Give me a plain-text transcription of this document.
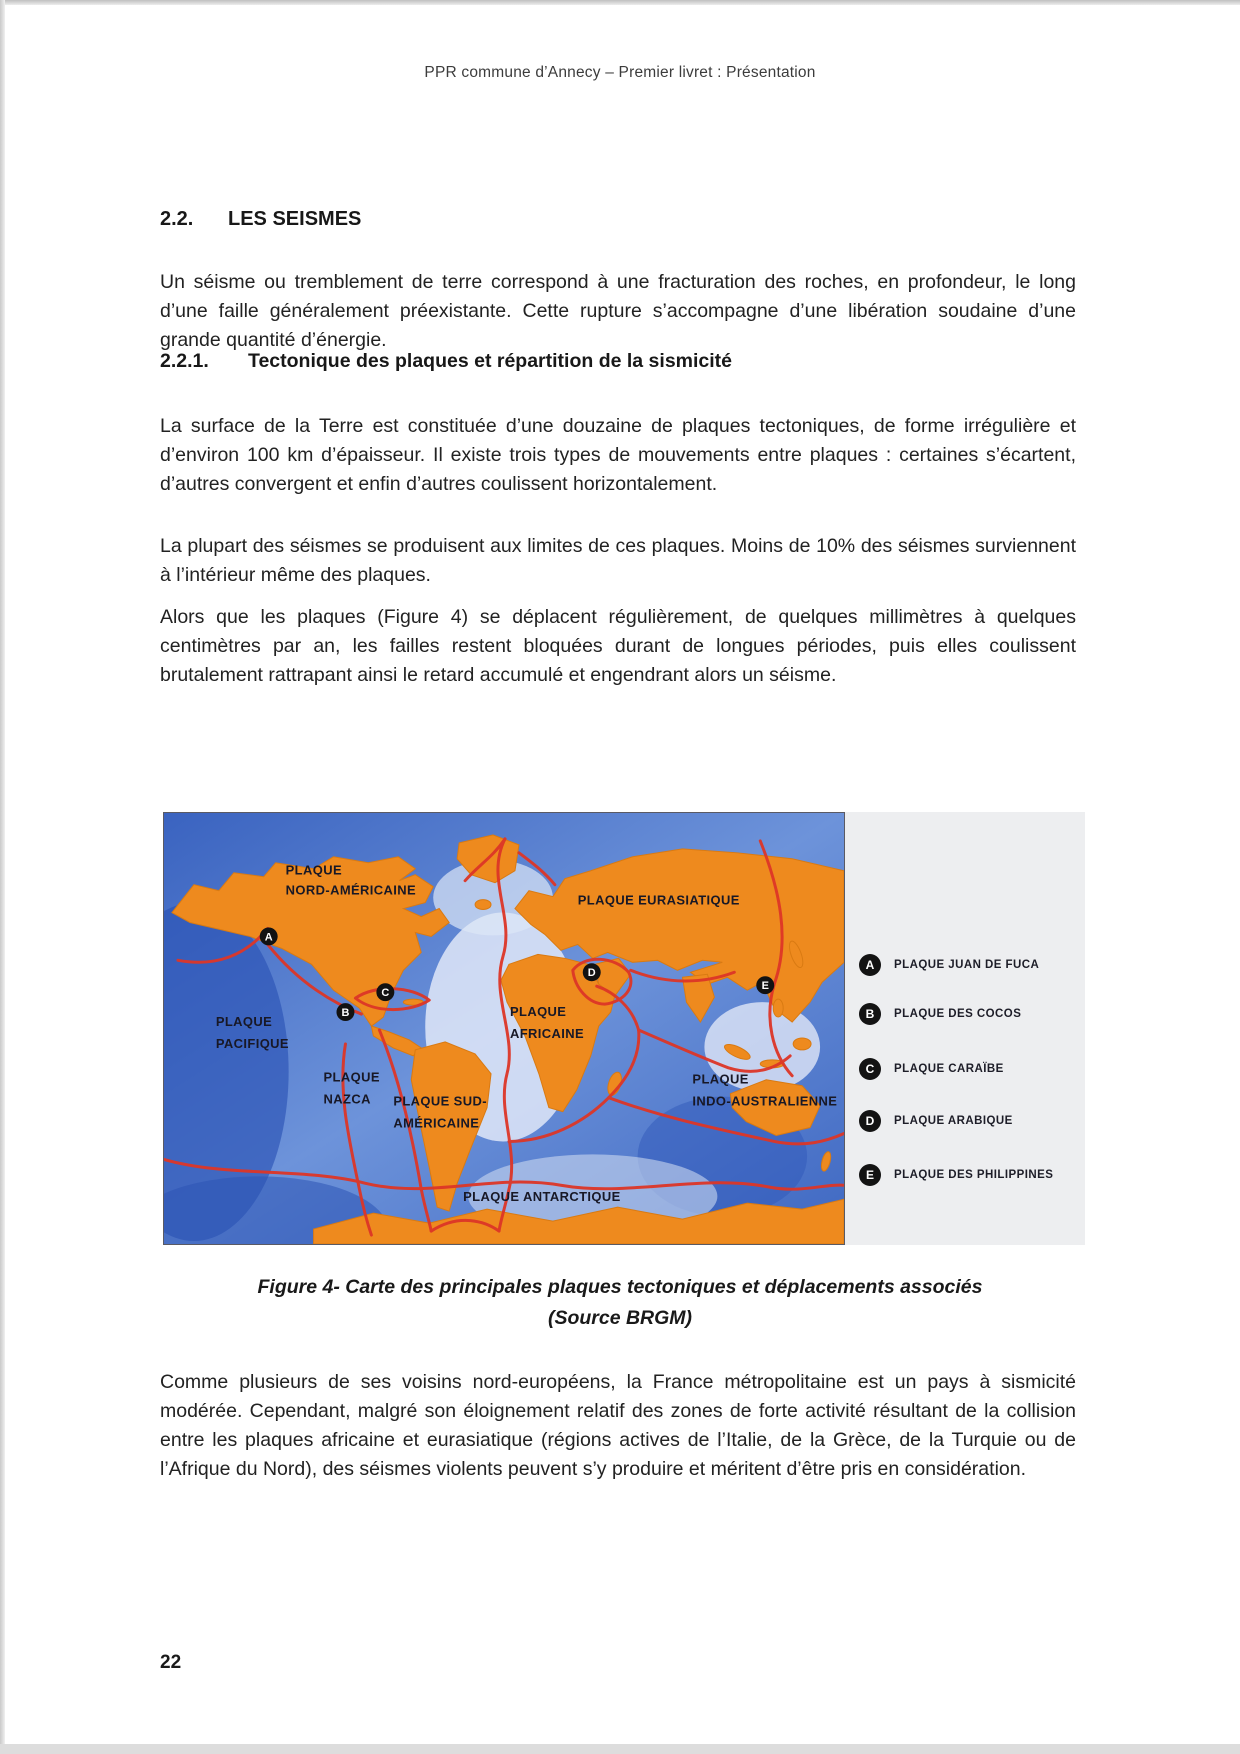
PPR commune d’Annecy – Premier livret : Présentation
2.2. LES SEISMES

Un séisme ou tremblement de terre correspond à une fracturation des roches, en profondeur, le long d’une faille généralement préexistante. Cette rupture s’accompagne d’une libération soudaine d’une grande quantité d’énergie.

2.2.1. Tectonique des plaques et répartition de la sismicité

La surface de la Terre est constituée d’une douzaine de plaques tectoniques, de forme irrégulière et d’environ 100 km d’épaisseur. Il existe trois types de mouvements entre plaques : certaines s’écartent, d’autres convergent et enfin d’autres coulissent horizontalement.

La plupart des séismes se produisent aux limites de ces plaques. Moins de 10% des séismes surviennent à l’intérieur même des plaques.

Alors que les plaques (Figure 4) se déplacent régulièrement, de quelques millimètres à quelques centimètres par an, les failles restent bloquées durant de longues périodes, puis elles coulissent brutalement rattrapant ainsi le retard accumulé et engendrant alors un séisme.

PLAQUE
NORD-AMÉRICAINE
PLAQUE EURASIATIQUE
PLAQUE
PACIFIQUE
PLAQUE
AFRICAINE
PLAQUE
NAZCA PLAQUE SUD-
AMÉRICAINE
PLAQUE
INDO-AUSTRALIENNE
PLAQUE ANTARCTIQUE
A
B
C
D
E
A	PLAQUE JUAN DE FUCA
B	PLAQUE DES COCOS
C	PLAQUE CARAÏBE
D	PLAQUE ARABIQUE
E	PLAQUE DES PHILIPPINES
Figure 4- Carte des principales plaques tectoniques et déplacements associés
(Source BRGM)

Comme plusieurs de ses voisins nord-européens, la France métropolitaine est un pays à sismicité modérée. Cependant, malgré son éloignement relatif des zones de forte activité résultant de la collision entre les plaques africaine et eurasiatique (régions actives de l’Italie, de la Grèce, de la Turquie ou de l’Afrique du Nord), des séismes violents peuvent s’y produire et méritent d’être pris en considération.

22
